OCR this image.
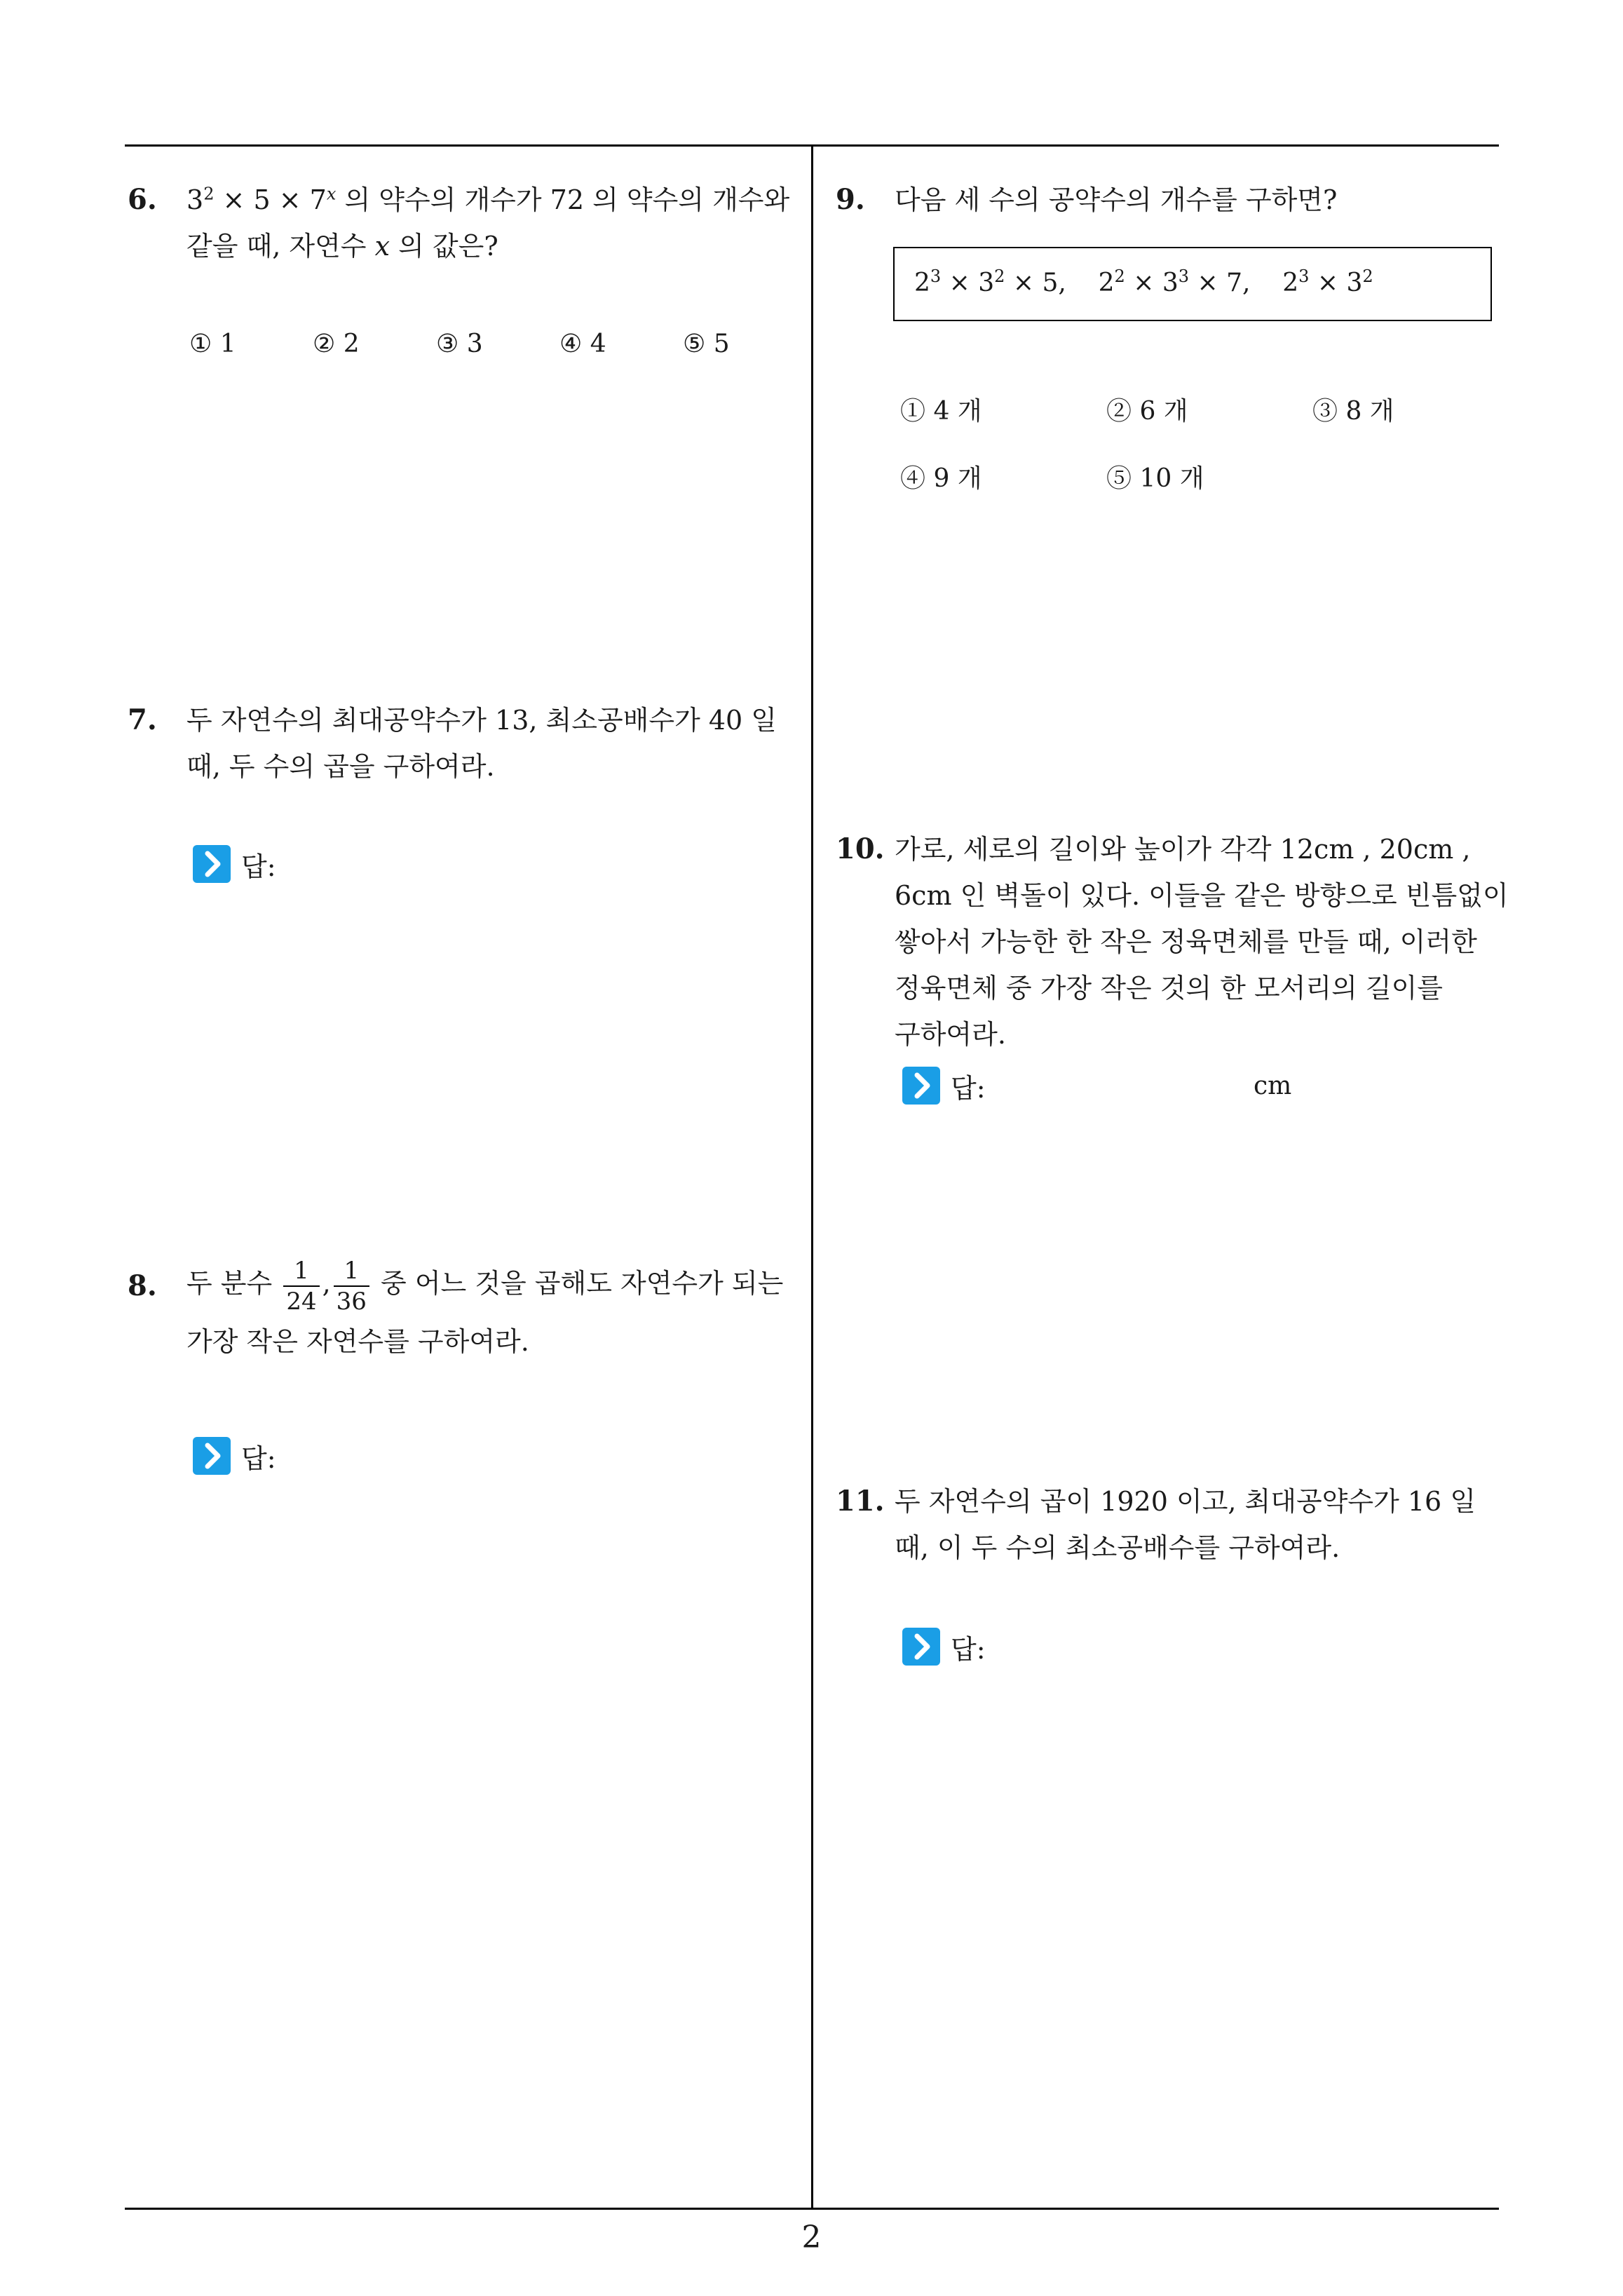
6. $3^2 \times 5 \times 7^x$ 의 약수의 개수가 72 의 약수의 개수와 같을 때, 자연수 x 의 값은?
① 1	② 2	③ 3	④ 4	⑤ 5
7. 두 자연수의 최대공약수가 13, 최소공배수가 40 일 때, 두 수의 곱을 구하여라.
답:
8. 두 분수 $\frac{1}{24}$ , $\frac{1}{36}$ 중 어느 것을 곱해도 자연수가 되는 가장 작은 자연수를 구하여라.
답:
9. 다음 세 수의 공약수의 개수를 구하면?
$2^3 \times 3^2 \times 5$,    $2^2 \times 3^3 \times 7$,    $2^3 \times 3^2$
① 4 개	② 6 개	③ 8 개
④ 9 개	⑤ 10 개
10. 가로, 세로의 길이와 높이가 각각 12cm , 20cm , 6cm 인 벽돌이 있다. 이들을 같은 방향으로 빈틈없이 쌓아서 가능한 한 작은 정육면체를 만들 때, 이러한 정육면체 중 가장 작은 것의 한 모서리의 길이를 구하여라.
답:	cm
11. 두 자연수의 곱이 1920 이고, 최대공약수가 16 일 때, 이 두 수의 최소공배수를 구하여라.
답:
2
